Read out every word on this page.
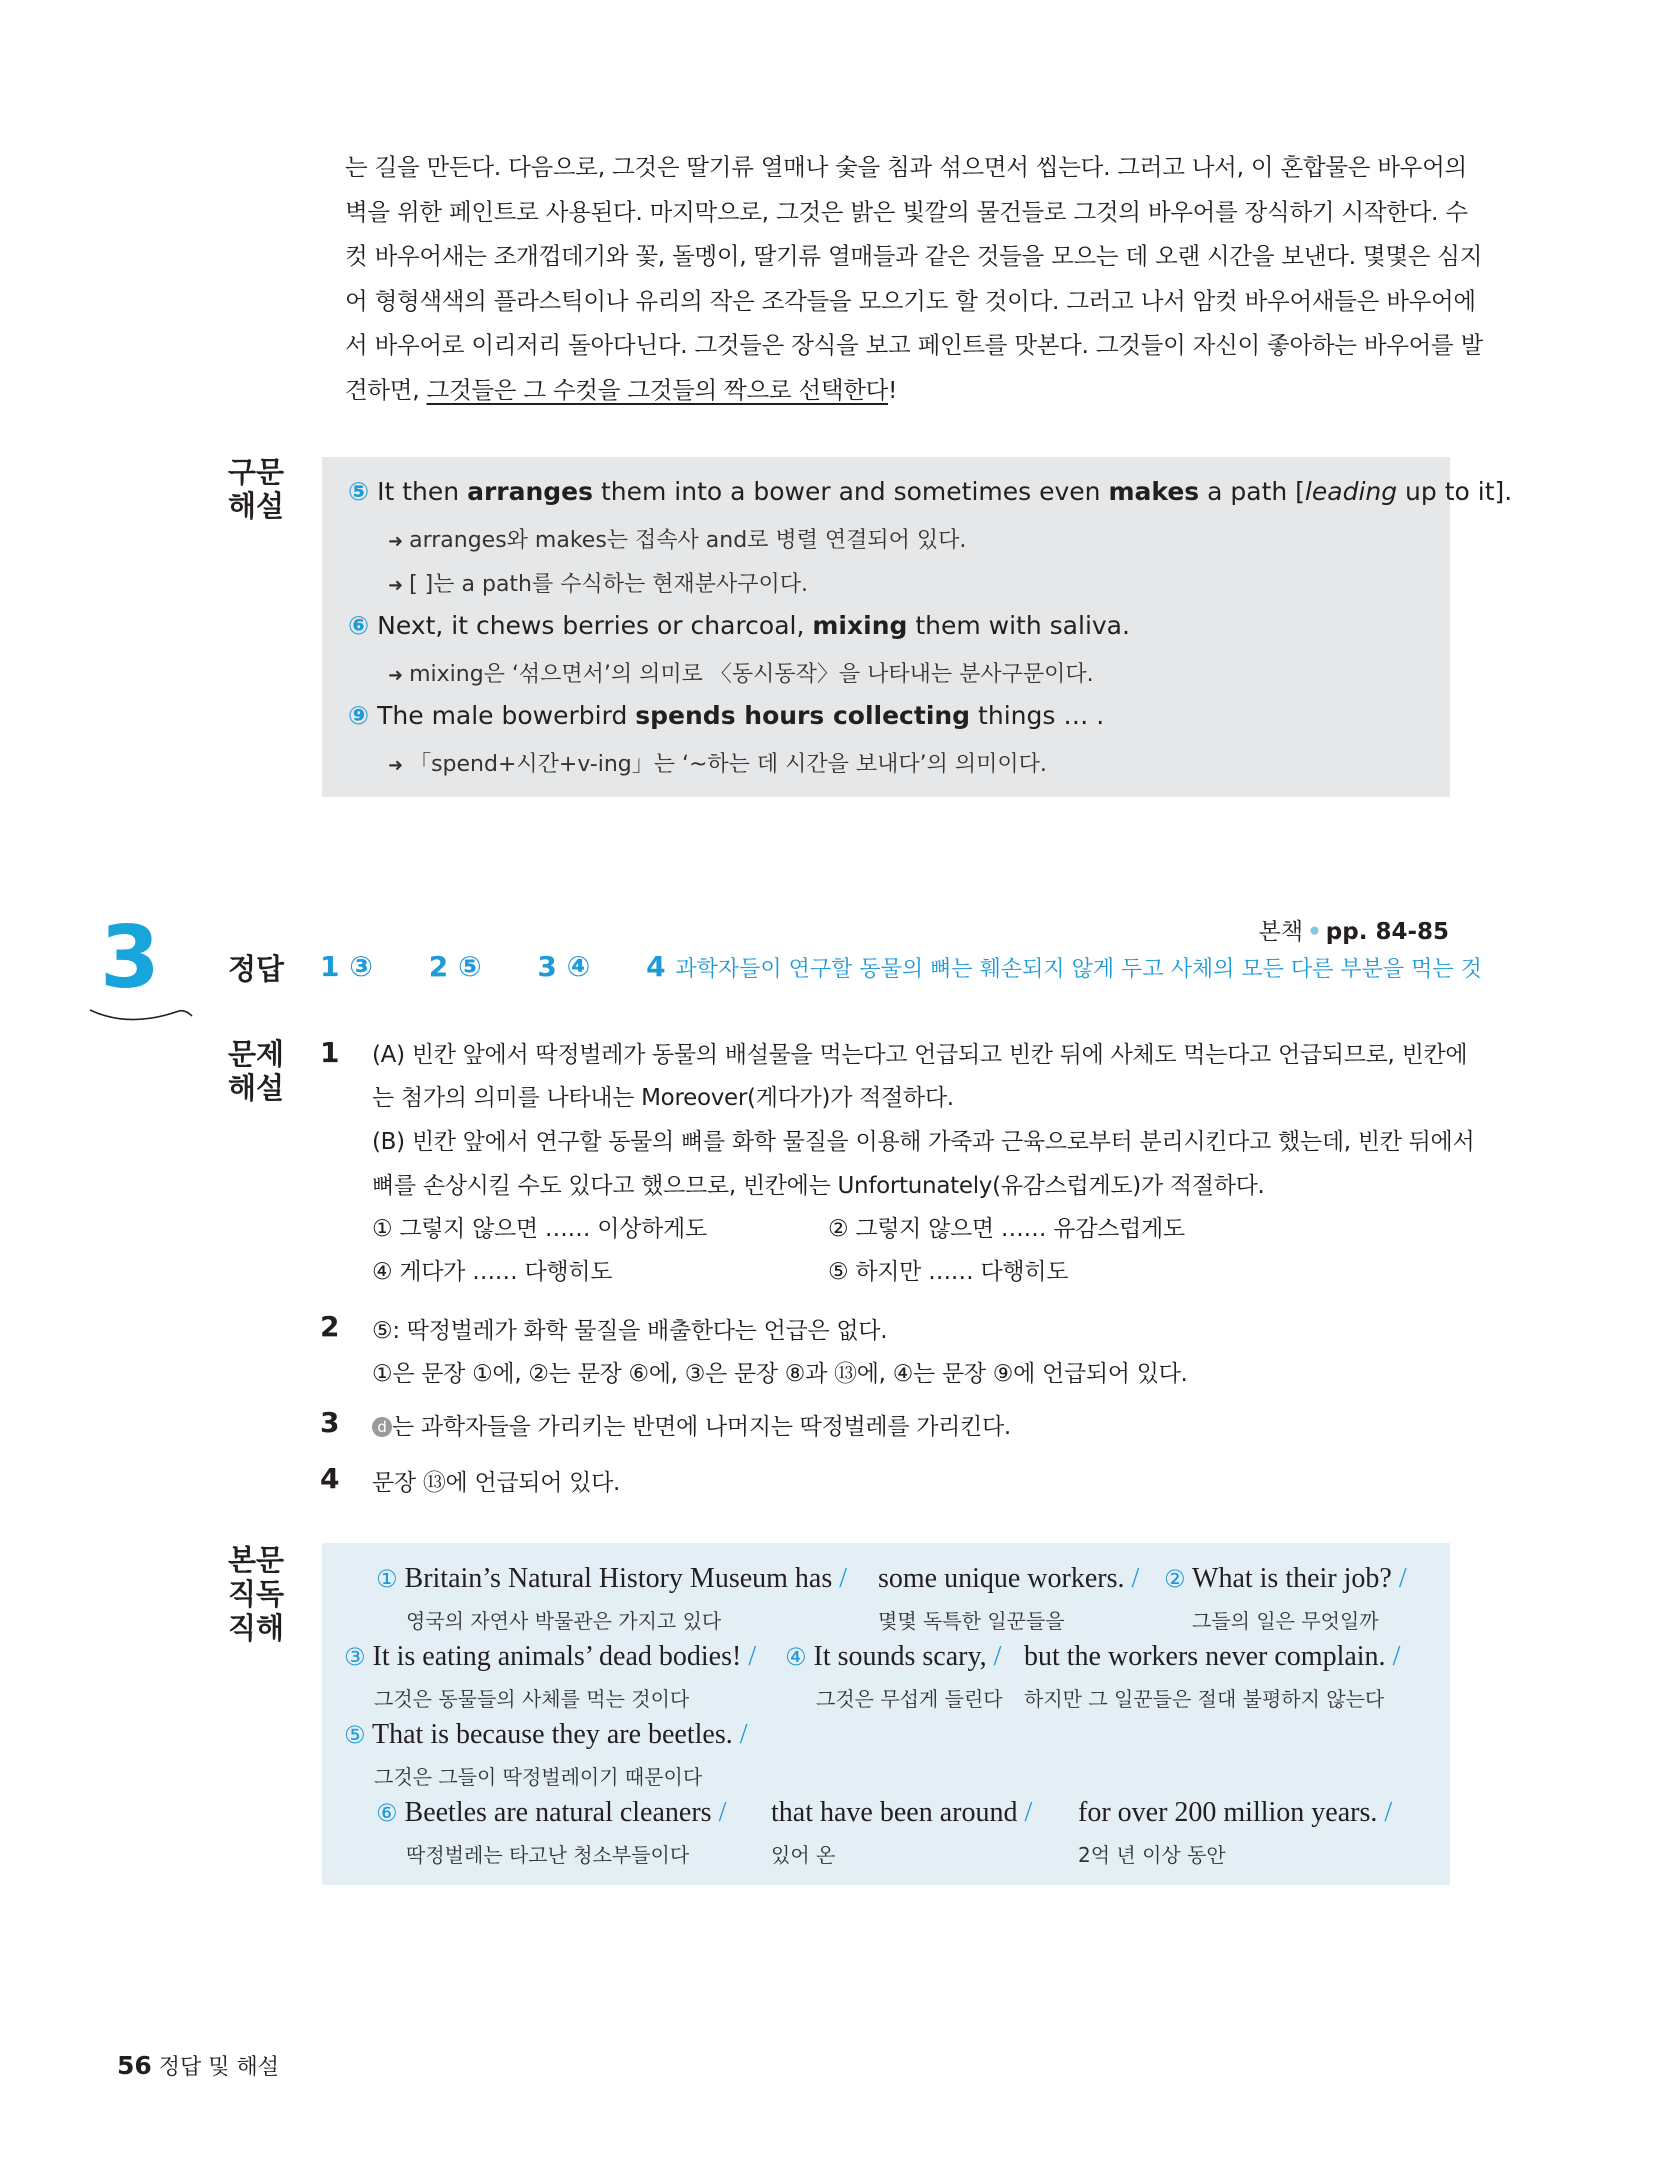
는 길을 만든다. 다음으로, 그것은 딸기류 열매나 숯을 침과 섞으면서 씹는다. 그러고 나서, 이 혼합물은 바우어의
벽을 위한 페인트로 사용된다. 마지막으로, 그것은 밝은 빛깔의 물건들로 그것의 바우어를 장식하기 시작한다. 수
컷 바우어새는 조개껍데기와 꽃, 돌멩이, 딸기류 열매들과 같은 것들을 모으는 데 오랜 시간을 보낸다. 몇몇은 심지
어 형형색색의 플라스틱이나 유리의 작은 조각들을 모으기도 할 것이다. 그러고 나서 암컷 바우어새들은 바우어에
서 바우어로 이리저리 돌아다닌다. 그것들은 장식을 보고 페인트를 맛본다. 그것들이 자신이 좋아하는 바우어를 발
견하면, 그것들은 그 수컷을 그것들의 짝으로 선택한다!
구문
해설	⑤ It then arranges them into a bower and sometimes even makes a path [leading up to it].
➜ arranges와 makes는 접속사 and로 병렬 연결되어 있다.
➜ [ ]는 a path를 수식하는 현재분사구이다.
⑥ Next, it chews berries or charcoal, mixing them with saliva.
➜ mixing은 ‘섞으면서’의 의미로 〈동시동작〉을 나타내는 분사구문이다.
⑨ The male bowerbird spends hours collecting things … .
➜ 「spend+시간+v-ing」는 ‘~하는 데 시간을 보내다’의 의미이다.
본책 • pp. 84-85
3 정답 1 ③ 2 ⑤ 3 ④ 4 과학자들이 연구할 동물의 뼈는 훼손되지 않게 두고 사체의 모든 다른 부분을 먹는 것
문제
해설
1 (A) 빈칸 앞에서 딱정벌레가 동물의 배설물을 먹는다고 언급되고 빈칸 뒤에 사체도 먹는다고 언급되므로, 빈칸에
는 첨가의 의미를 나타내는 Moreover(게다가)가 적절하다.
(B) 빈칸 앞에서 연구할 동물의 뼈를 화학 물질을 이용해 가죽과 근육으로부터 분리시킨다고 했는데, 빈칸 뒤에서
뼈를 손상시킬 수도 있다고 했으므로, 빈칸에는 Unfortunately(유감스럽게도)가 적절하다.
① 그렇지 않으면 …… 이상하게도	② 그렇지 않으면 …… 유감스럽게도
④ 게다가 …… 다행히도	⑤ 하지만 …… 다행히도
2 ⑤: 딱정벌레가 화학 물질을 배출한다는 언급은 없다.
①은 문장 ①에, ②는 문장 ⑥에, ③은 문장 ⑧과 ⑬에, ④는 문장 ⑨에 언급되어 있다.
3	d 는 과학자들을 가리키는 반면에 나머지는 딱정벌레를 가리킨다.
4 문장 ⑬에 언급되어 있다.
본문
직독
직해
① Britain’s Natural History Museum has /
영국의 자연사 박물관은 가지고 있다
some unique workers. /
몇몇 독특한 일꾼들을
② What is their job? /
그들의 일은 무엇일까
③ It is eating animals’ dead bodies! /
그것은 동물들의 사체를 먹는 것이다
④ It sounds scary, /
그것은 무섭게 들린다
but the workers never complain. /
하지만 그 일꾼들은 절대 불평하지 않는다
⑤ That is because they are beetles. /
그것은 그들이 딱정벌레이기 때문이다
⑥ Beetles are natural cleaners /
딱정벌레는 타고난 청소부들이다
that have been around /
있어 온
for over 200 million years. /
2억 년 이상 동안
56 정답 및 해설
